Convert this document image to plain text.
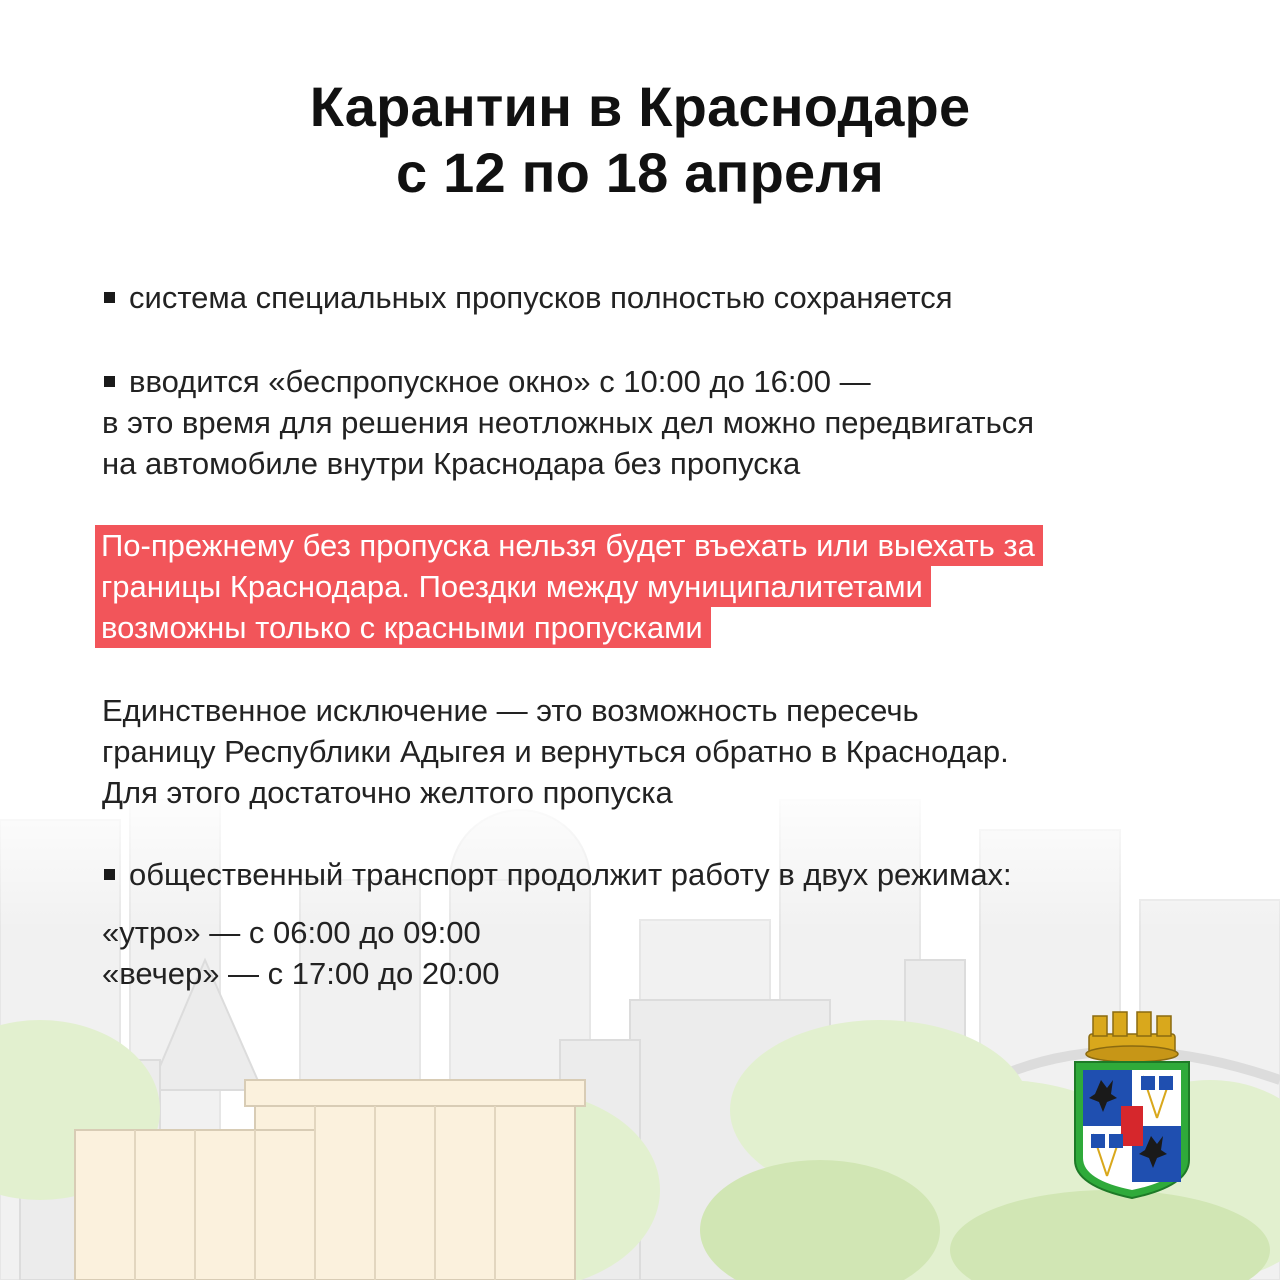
Карантин в Краснодаре
с 12 по 18 апреля
система специальных пропусков полностью сохраняется
вводится «беспропускное окно» с 10:00 до 16:00 —
в это время для решения неотложных дел можно передвигаться
на автомобиле внутри Краснодара без пропуска
По-прежнему без пропуска нельзя будет въехать или выехать за
границы Краснодара. Поездки между муниципалитетами
возможны только с красными пропусками
Единственное исключение — это возможность пересечь
границу Республики Адыгея и вернуться обратно в Краснодар.
Для этого достаточно желтого пропуска
общественный транспорт продолжит работу в двух режимах:
«утро» — с 06:00 до 09:00
«вечер» — с 17:00 до 20:00
